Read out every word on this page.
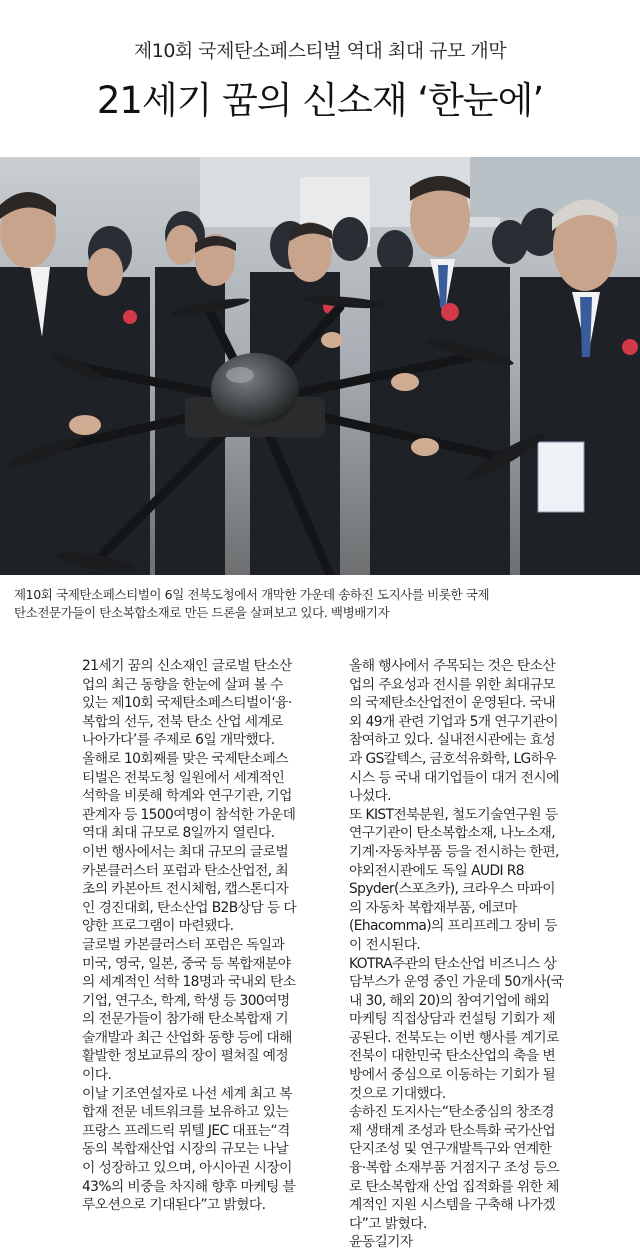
제10회 국제탄소페스티벌 역대 최대 규모 개막
21세기 꿈의 신소재 ‘한눈에’
제10회 국제탄소페스티벌이 6일 전북도청에서 개막한 가운데 송하진 도지사를 비롯한 국제
탄소전문가들이 탄소복합소재로 만든 드론을 살펴보고 있다. 백병배기자

21세기 꿈의 신소재인 글로벌 탄소산업의 최근 동향을 한눈에 살펴 볼 수 있는 제10회 국제탄소페스티벌이‘융·복합의 선두, 전북 탄소 산업 세계로 나아가다’를 주제로 6일 개막했다.

올해로 10회째를 맞은 국제탄소페스티벌은 전북도청 일원에서 세계적인 석학을 비롯해 학계와 연구기관, 기업관계자 등 1500여명이 참석한 가운데 역대 최대 규모로 8일까지 열린다.

이번 행사에서는 최대 규모의 글로벌 카본클러스터 포럼과 탄소산업전, 최초의 카본아트 전시체험, 캡스톤디자인 경진대회, 탄소산업 B2B상담 등 다양한 프로그램이 마련됐다.

글로벌 카본클러스터 포럼은 독일과 미국, 영국, 일본, 중국 등 복합재분야의 세계적인 석학 18명과 국내외 탄소기업, 연구소, 학계, 학생 등 300여명의 전문가들이 참가해 탄소복합재 기술개발과 최근 산업화 동향 등에 대해 활발한 정보교류의 장이 펼쳐질 예정이다.

이날 기조연설자로 나선 세계 최고 복합재 전문 네트워크를 보유하고 있는 프랑스 프레드릭 뮈텔 JEC 대표는“격동의 복합재산업 시장의 규모는 나날이 성장하고 있으며, 아시아권 시장이 43%의 비중을 차지해 향후 마케팅 블루오션으로 기대된다”고 밝혔다.

올해 행사에서 주목되는 것은 탄소산업의 주요성과 전시를 위한 최대규모의 국제탄소산업전이 운영된다. 국내외 49개 관련 기업과 5개 연구기관이 참여하고 있다. 실내전시관에는 효성과 GS칼텍스, 금호석유화학, LG하우시스 등 국내 대기업들이 대거 전시에 나섰다.

또 KIST전북분원, 철도기술연구원 등 연구기관이 탄소복합소재, 나노소재, 기계·자동차부품 등을 전시하는 한편, 야외전시관에도 독일 AUDI R8 Spyder(스포츠카), 크라우스 마파이의 자동차 복합재부품, 에코마(Ehacomma)의 프리프레그 장비 등이 전시된다.

KOTRA주관의 탄소산업 비즈니스 상담부스가 운영 중인 가운데 50개사(국내 30, 해외 20)의 참여기업에 해외 마케팅 직접상담과 컨설팅 기회가 제공된다. 전북도는 이번 행사를 계기로 전북이 대한민국 탄소산업의 축을 변방에서 중심으로 이동하는 기회가 될 것으로 기대했다.

송하진 도지사는“탄소중심의 창조경제 생태계 조성과 탄소특화 국가산업단지조성 및 연구개발특구와 연계한 융·복합 소재부품 거점지구 조성 등으로 탄소복합재 산업 집적화를 위한 체계적인 지원 시스템을 구축해 나가겠다”고 밝혔다.

윤동길기자
